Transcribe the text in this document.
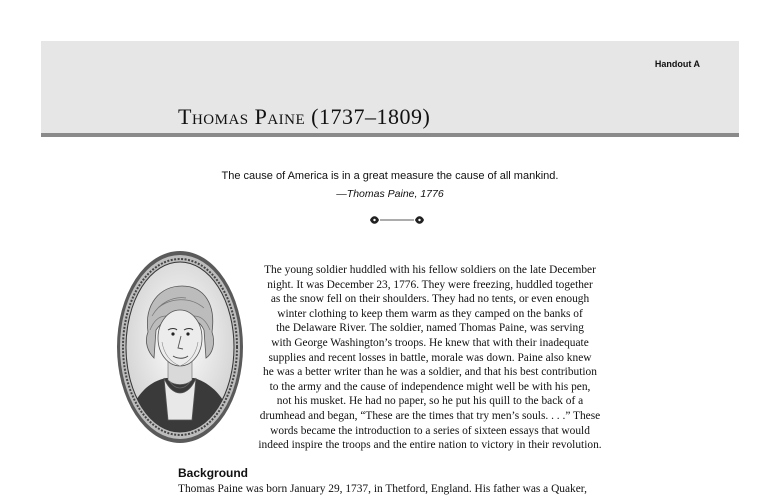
Handout A
Thomas Paine (1737–1809)
The cause of America is in a great measure the cause of all mankind.
—Thomas Paine, 1776
The young soldier huddled with his fellow soldiers on the late December
night. It was December 23, 1776. They were freezing, huddled together
as the snow fell on their shoulders. They had no tents, or even enough
winter clothing to keep them warm as they camped on the banks of
the Delaware River. The soldier, named Thomas Paine, was serving
with George Washington’s troops. He knew that with their inadequate
supplies and recent losses in battle, morale was down. Paine also knew
he was a better writer than he was a soldier, and that his best contribution
to the army and the cause of independence might well be with his pen,
not his musket. He had no paper, so he put his quill to the back of a
drumhead and began, “These are the times that try men’s souls. . . .” These
words became the introduction to a series of sixteen essays that would
indeed inspire the troops and the entire nation to victory in their revolution.
Background
Thomas Paine was born January 29, 1737, in Thetford, England. His father was a Quaker,
